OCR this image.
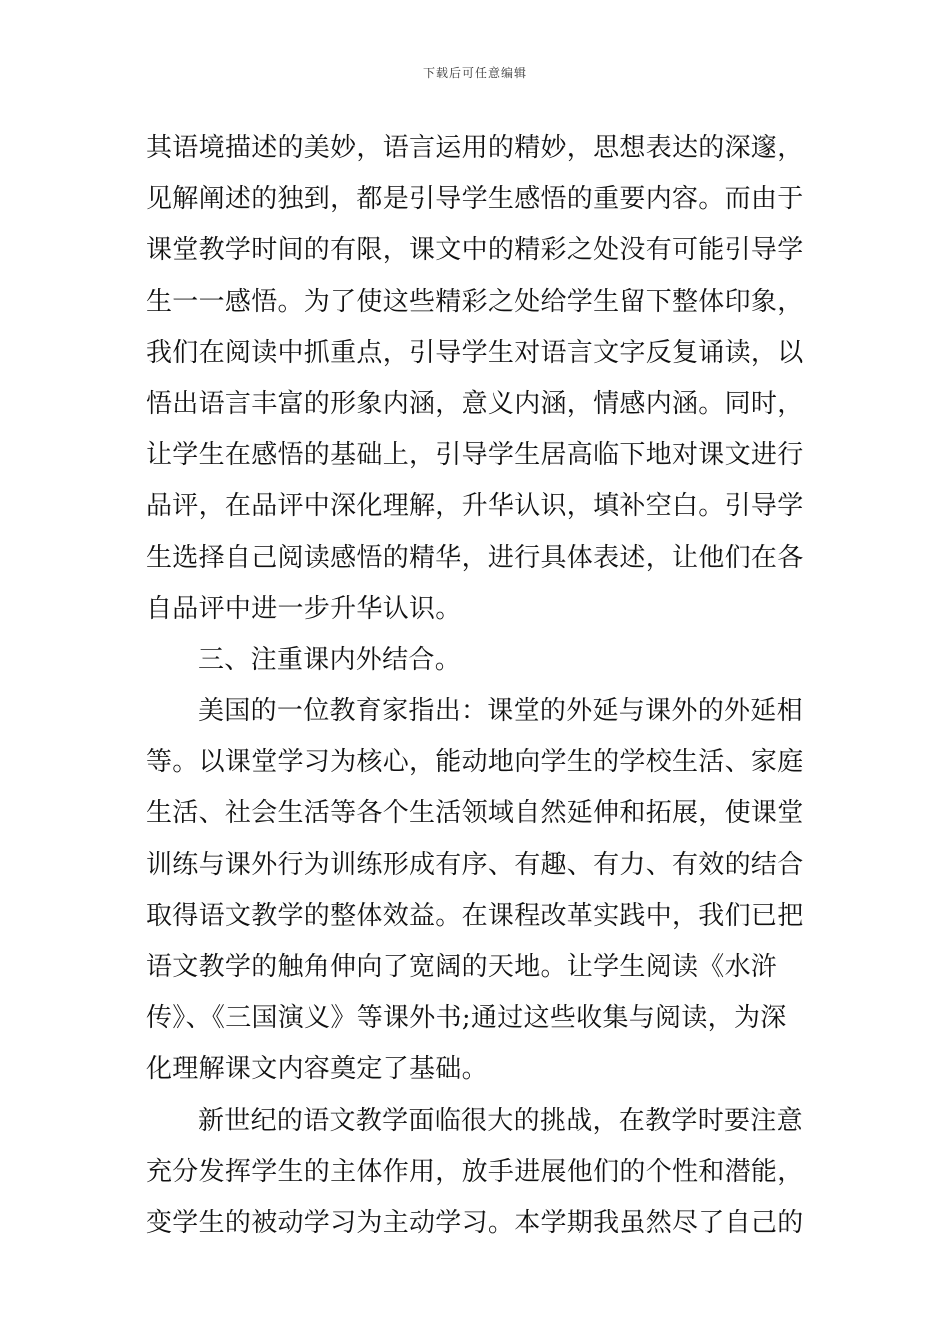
下载后可任意编辑
其语境描述的美妙，语言运用的精妙，思想表达的深邃，
见解阐述的独到，都是引导学生感悟的重要内容。而由于
课堂教学时间的有限，课文中的精彩之处没有可能引导学
生一一感悟。为了使这些精彩之处给学生留下整体印象，
我们在阅读中抓重点，引导学生对语言文字反复诵读，以
悟出语言丰富的形象内涵，意义内涵，情感内涵。同时，
让学生在感悟的基础上，引导学生居高临下地对课文进行
品评，在品评中深化理解，升华认识，填补空白。引导学
生选择自己阅读感悟的精华，进行具体表述，让他们在各
自品评中进一步升华认识。
三、注重课内外结合。
美国的一位教育家指出：课堂的外延与课外的外延相
等。以课堂学习为核心，能动地向学生的学校生活、家庭
生活、社会生活等各个生活领域自然延伸和拓展，使课堂
训练与课外行为训练形成有序、有趣、有力、有效的结合
取得语文教学的整体效益。在课程改革实践中，我们已把
语文教学的触角伸向了宽阔的天地。让学生阅读《水浒
传》、《三国演义》等课外书;通过这些收集与阅读，为深
化理解课文内容奠定了基础。
新世纪的语文教学面临很大的挑战，在教学时要注意
充分发挥学生的主体作用，放手进展他们的个性和潜能，
变学生的被动学习为主动学习。本学期我虽然尽了自己的
